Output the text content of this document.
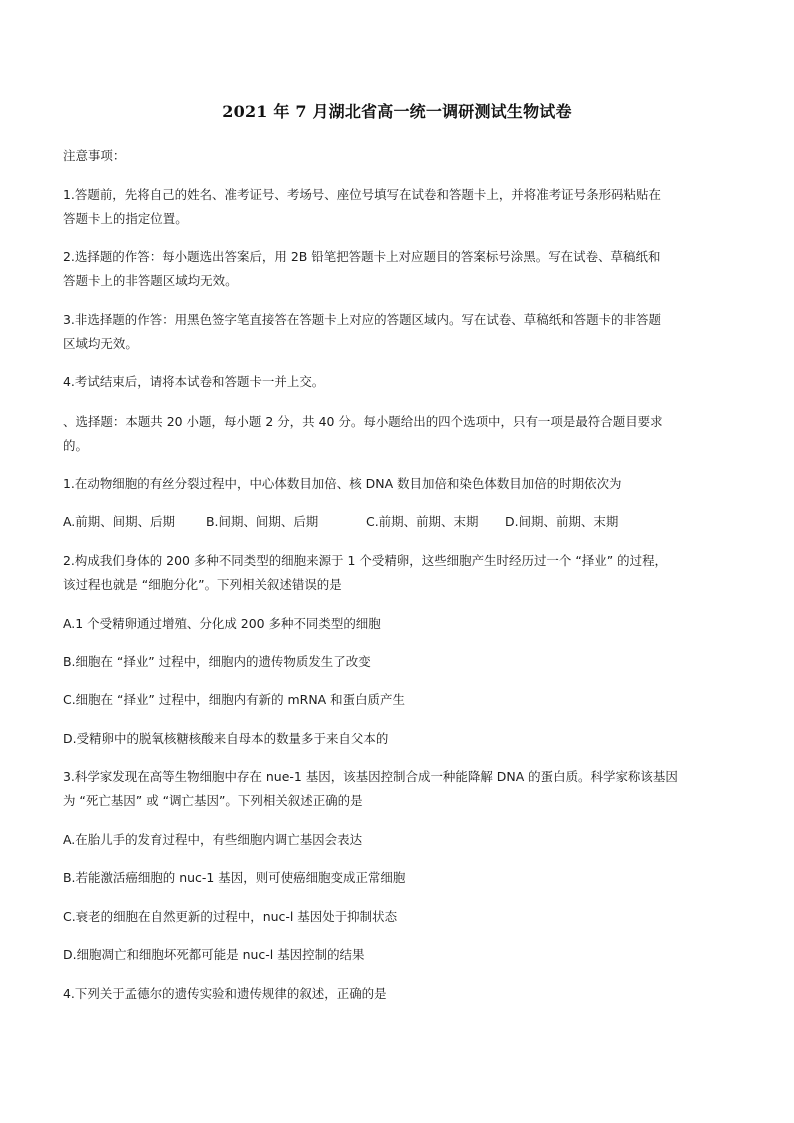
2021 年 7 月湖北省高一统一调研测试生物试卷
注意事项：
1.答题前，先将自己的姓名、准考证号、考场号、座位号填写在试卷和答题卡上，并将准考证号条形码粘贴在
答题卡上的指定位置。
2.选择题的作答：每小题选出答案后，用 2B 铅笔把答题卡上对应题目的答案标号涂黑。写在试卷、草稿纸和
答题卡上的非答题区域均无效。
3.非选择题的作答：用黑色签字笔直接答在答题卡上对应的答题区域内。写在试卷、草稿纸和答题卡的非答题
区域均无效。
4.考试结束后，请将本试卷和答题卡一并上交。
、选择题：本题共 20 小题，每小题 2 分，共 40 分。每小题给出的四个选项中，只有一项是最符合题目要求
的。
1.在动物细胞的有丝分裂过程中，中心体数目加倍、核 DNA 数目加倍和染色体数目加倍的时期依次为
A.前期、间期、后期 B.间期、间期、后期	C.前期、前期、末期 D.间期、前期、末期
2.构成我们身体的 200 多种不同类型的细胞来源于 1 个受精卵，这些细胞产生时经历过一个 “择业” 的过程，
该过程也就是 “细胞分化”。下列相关叙述错误的是
A.1 个受精卵通过增殖、分化成 200 多种不同类型的细胞
B.细胞在 “择业” 过程中，细胞内的遗传物质发生了改变
C.细胞在 “择业” 过程中，细胞内有新的 mRNA 和蛋白质产生
D.受精卵中的脱氧核糖核酸来自母本的数量多于来自父本的
3.科学家发现在高等生物细胞中存在 nue-1 基因，该基因控制合成一种能降解 DNA 的蛋白质。科学家称该基因
为 “死亡基因” 或 “调亡基因”。下列相关叙述正确的是
A.在胎儿手的发育过程中，有些细胞内调亡基因会表达
B.若能激活癌细胞的 nuc-1 基因，则可使癌细胞变成正常细胞
C.衰老的细胞在自然更新的过程中，nuc-l 基因处于抑制状态
D.细胞凋亡和细胞坏死都可能是 nuc-l 基因控制的结果
4.下列关于孟德尔的遗传实验和遗传规律的叙述，正确的是
